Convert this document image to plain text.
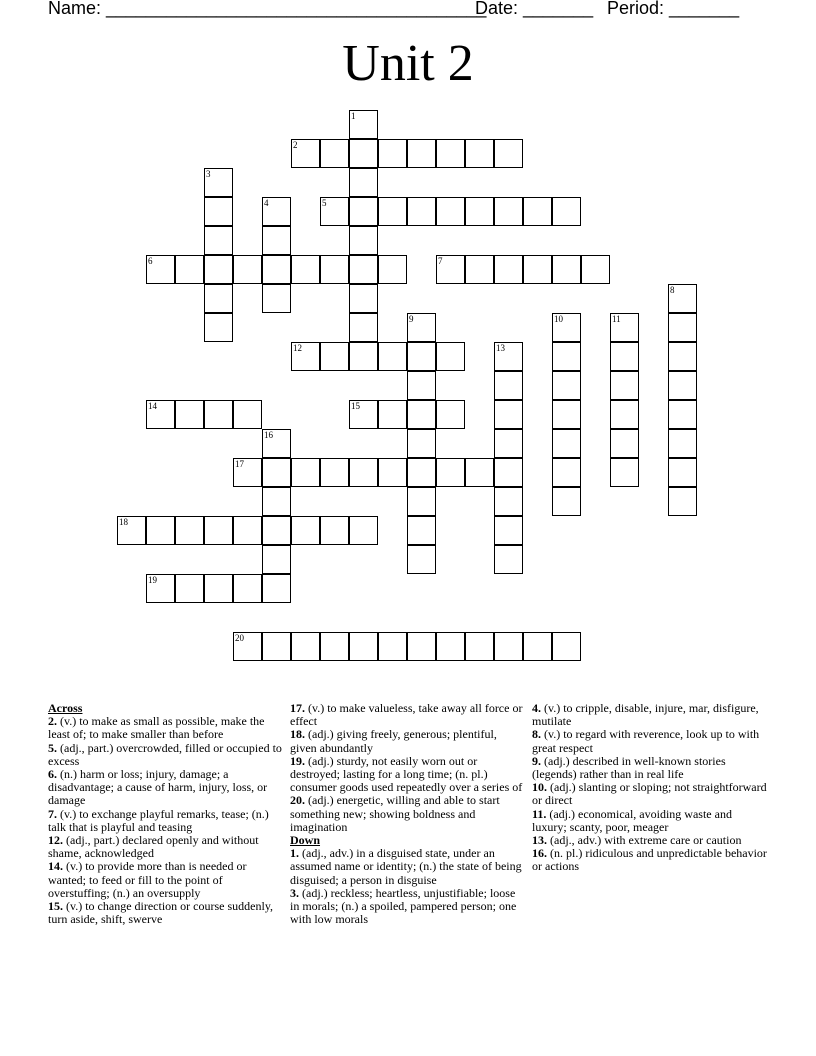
Name: ______________________________________
Date: _______ Period: _______
Unit 2
1
2
3
4	5
6	7
8
9	10	11
12	13
14	15
16
17
18
19
20
Across
2. (v.) to make as small as possible, make the least of; to make smaller than before
5. (adj., part.) overcrowded, filled or occupied to excess
6. (n.) harm or loss; injury, damage; a disadvantage; a cause of harm, injury, loss, or damage
7. (v.) to exchange playful remarks, tease; (n.) talk that is playful and teasing
12. (adj., part.) declared openly and without shame, acknowledged
14. (v.) to provide more than is needed or wanted; to feed or fill to the point of overstuffing; (n.) an oversupply
15. (v.) to change direction or course suddenly, turn aside, shift, swerve
17. (v.) to make valueless, take away all force or effect
18. (adj.) giving freely, generous; plentiful, given abundantly
19. (adj.) sturdy, not easily worn out or destroyed; lasting for a long time; (n. pl.) consumer goods used repeatedly over a series of
20. (adj.) energetic, willing and able to start something new; showing boldness and imagination
Down
1. (adj., adv.) in a disguised state, under an assumed name or identity; (n.) the state of being disguised; a person in disguise
3. (adj.) reckless; heartless, unjustifiable; loose in morals; (n.) a spoiled, pampered person; one with low morals
4. (v.) to cripple, disable, injure, mar, disfigure, mutilate
8. (v.) to regard with reverence, look up to with great respect
9. (adj.) described in well-known stories (legends) rather than in real life
10. (adj.) slanting or sloping; not straightforward or direct
11. (adj.) economical, avoiding waste and luxury; scanty, poor, meager
13. (adj., adv.) with extreme care or caution
16. (n. pl.) ridiculous and unpredictable behavior or actions
